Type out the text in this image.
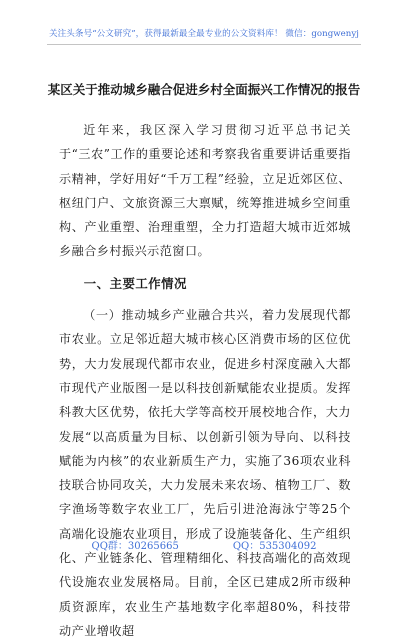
关注头条号“公文研究”，获得最新最全最专业的公文资料库！ 微信：gongwenyj
某区关于推动城乡融合促进乡村全面振兴工作情况的报告

近年来，我区深入学习贯彻习近平总书记关于“三农”工作的重要论述和考察我省重要讲话重要指示精神，学好用好“千万工程”经验，立足近郊区位、枢纽门户、文旅资源三大禀赋，统筹推进城乡空间重构、产业重塑、治理重塑，全力打造超大城市近郊城乡融合乡村振兴示范窗口。

一、主要工作情况

（一）推动城乡产业融合共兴，着力发展现代都市农业。立足邻近超大城市核心区消费市场的区位优势，大力发展现代都市农业，促进乡村深度融入大都市现代产业版图一是以科技创新赋能农业提质。发挥科教大区优势，依托大学等高校开展校地合作，大力发展“以高质量为目标、以创新引领为导向、以科技赋能为内核”的农业新质生产力，实施了36项农业科技联合协同攻关，大力发展未来农场、植物工厂、数字渔场等数字农业工厂，先后引进沧海泳宁等25个高端化设施农业项目，形成了设施装备化、生产组织化、产业链条化、管理精细化、科技高端化的高效现代设施农业发展格局。目前，全区已建成2所市级种质资源库，农业生产基地数字化率超80%，科技带动产业增收超

QQ群：30265665	QQ：535304092
